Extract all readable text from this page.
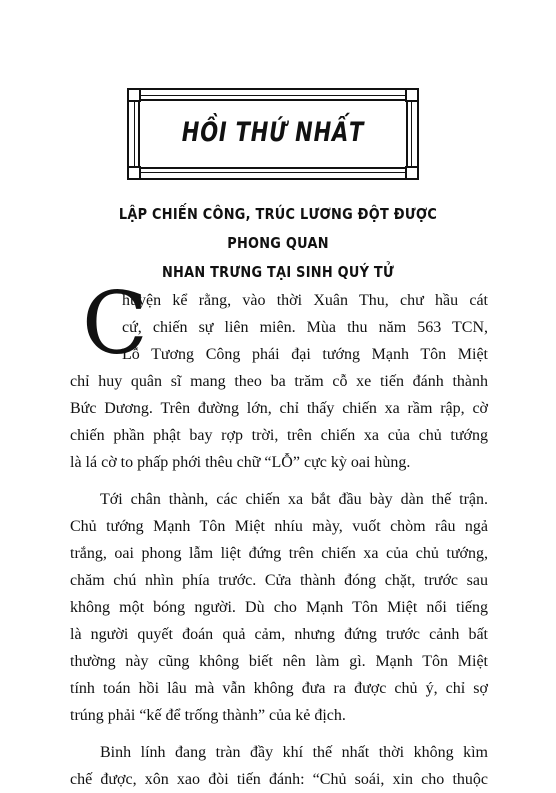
HỒI THỨ NHẤT
LẬP CHIẾN CÔNG, TRÚC LƯƠNG ĐỘT ĐƯỢC PHONG QUAN
NHAN TRƯNG TẠI SINH QUÝ TỬ
C
huyện kể rằng, vào thời Xuân Thu, chư hầu cát
cứ, chiến sự liên miên. Mùa thu năm 563 TCN,
Lỗ Tương Công phái đại tướng Mạnh Tôn Miệt
chỉ huy quân sĩ mang theo ba trăm cỗ xe tiến đánh thành
Bức Dương. Trên đường lớn, chỉ thấy chiến xa rầm rập, cờ
chiến phần phật bay rợp trời, trên chiến xa của chủ tướng
là lá cờ to phấp phới thêu chữ “LỖ” cực kỳ oai hùng.
Tới chân thành, các chiến xa bắt đầu bày dàn thế trận.
Chủ tướng Mạnh Tôn Miệt nhíu mày, vuốt chòm râu ngả
trắng, oai phong lẫm liệt đứng trên chiến xa của chủ tướng,
chăm chú nhìn phía trước. Cửa thành đóng chặt, trước sau
không một bóng người. Dù cho Mạnh Tôn Miệt nổi tiếng
là người quyết đoán quả cảm, nhưng đứng trước cảnh bất
thường này cũng không biết nên làm gì. Mạnh Tôn Miệt
tính toán hồi lâu mà vẫn không đưa ra được chủ ý, chỉ sợ
trúng phải “kế để trống thành” của kẻ địch.
Binh lính đang tràn đầy khí thế nhất thời không kìm
chế được, xôn xao đòi tiến đánh: “Chủ soái, xin cho thuộc
